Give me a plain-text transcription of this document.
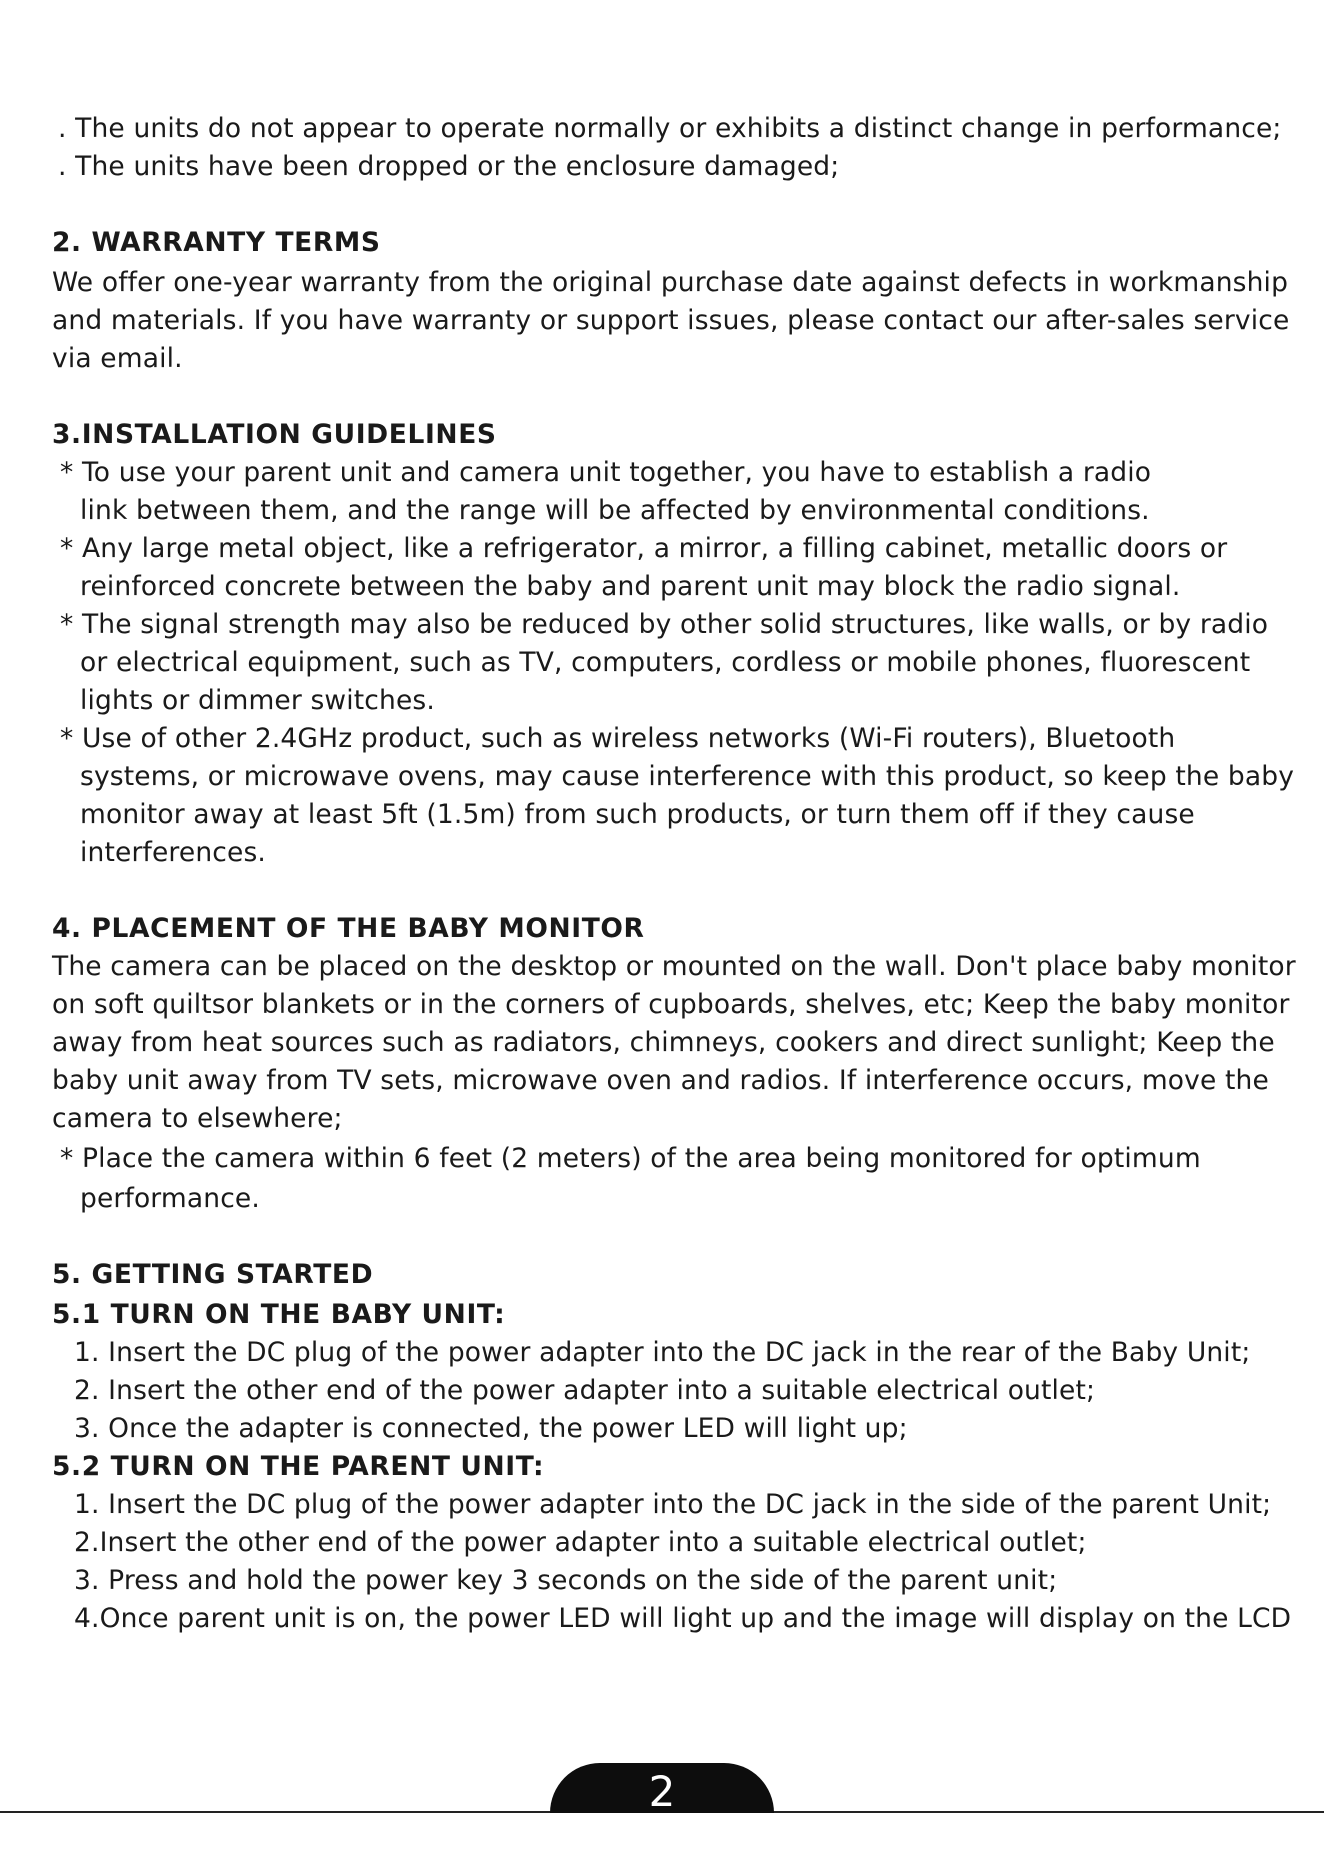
. The units do not appear to operate normally or exhibits a distinct change in performance;
. The units have been dropped or the enclosure damaged;
2. WARRANTY TERMS
We offer one-year warranty from the original purchase date against defects in workmanship
and materials. If you have warranty or support issues, please contact our after-sales service
via email.
3.INSTALLATION GUIDELINES
* To use your parent unit and camera unit together, you have to establish a radio
link between them, and the range will be affected by environmental conditions.
* Any large metal object, like a refrigerator, a mirror, a filling cabinet, metallic doors or
reinforced concrete between the baby and parent unit may block the radio signal.
* The signal strength may also be reduced by other solid structures, like walls, or by radio
or electrical equipment, such as TV, computers, cordless or mobile phones, fluorescent
lights or dimmer switches.
* Use of other 2.4GHz product, such as wireless networks (Wi-Fi routers), Bluetooth
systems, or microwave ovens, may cause interference with this product, so keep the baby
monitor away at least 5ft (1.5m) from such products, or turn them off if they cause
interferences.
4. PLACEMENT OF THE BABY MONITOR
The camera can be placed on the desktop or mounted on the wall. Don't place baby monitor
on soft quiltsor blankets or in the corners of cupboards, shelves, etc; Keep the baby monitor
away from heat sources such as radiators, chimneys, cookers and direct sunlight; Keep the
baby unit away from TV sets, microwave oven and radios. If interference occurs, move the
camera to elsewhere;
* Place the camera within 6 feet (2 meters) of the area being monitored for optimum
performance.
5. GETTING STARTED
5.1 TURN ON THE BABY UNIT:
1. Insert the DC plug of the power adapter into the DC jack in the rear of the Baby Unit;
2. Insert the other end of the power adapter into a suitable electrical outlet;
3. Once the adapter is connected, the power LED will light up;
5.2 TURN ON THE PARENT UNIT:
1. Insert the DC plug of the power adapter into the DC jack in the side of the parent Unit;
2.Insert the other end of the power adapter into a suitable electrical outlet;
3. Press and hold the power key 3 seconds on the side of the parent unit;
4.Once parent unit is on, the power LED will light up and the image will display on the LCD
2
